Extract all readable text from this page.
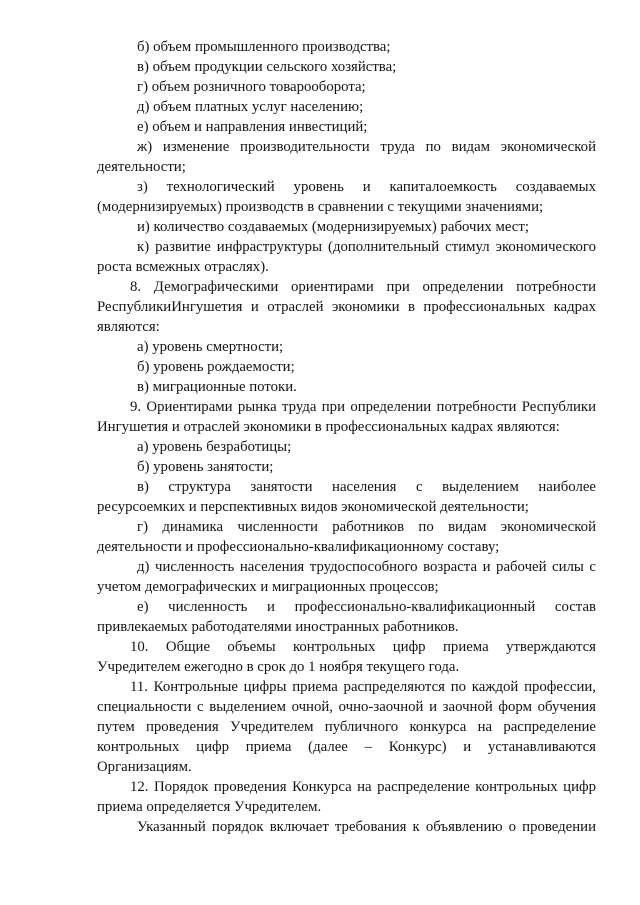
б) объем промышленного производства;
в) объем продукции сельского хозяйства;
г) объем розничного товарооборота;
д) объем платных услуг населению;
е) объем и направления инвестиций;
ж) изменение производительности труда по видам экономической
деятельности;
з) технологический уровень и капиталоемкость создаваемых
(модернизируемых) производств в сравнении с текущими значениями;
и) количество создаваемых (модернизируемых) рабочих мест;
к) развитие инфраструктуры (дополнительный стимул экономического
роста всмежных отраслях).
8. Демографическими ориентирами при определении потребности
РеспубликиИнгушетия и отраслей экономики в профессиональных кадрах
являются:
а) уровень смертности;
б) уровень рождаемости;
в) миграционные потоки.
9. Ориентирами рынка труда при определении потребности Республики
Ингушетия и отраслей экономики в профессиональных кадрах являются:
а) уровень безработицы;
б) уровень занятости;
в) структура занятости населения с выделением наиболее
ресурсоемких и перспективных видов экономической деятельности;
г) динамика численности работников по видам экономической
деятельности и профессионально-квалификационному составу;
д) численность населения трудоспособного возраста и рабочей силы с
учетом демографических и миграционных процессов;
е) численность и профессионально-квалификационный состав
привлекаемых работодателями иностранных работников.
10. Общие объемы контрольных цифр приема утверждаются
Учредителем ежегодно в срок до 1 ноября текущего года.
11. Контрольные цифры приема распределяются по каждой профессии,
специальности с выделением очной, очно-заочной и заочной форм обучения
путем проведения Учредителем публичного конкурса на распределение
контрольных цифр приема (далее – Конкурс) и устанавливаются
Организациям.
12. Порядок проведения Конкурса на распределение контрольных цифр
приема определяется Учредителем.
Указанный порядок включает требования к объявлению о проведении
